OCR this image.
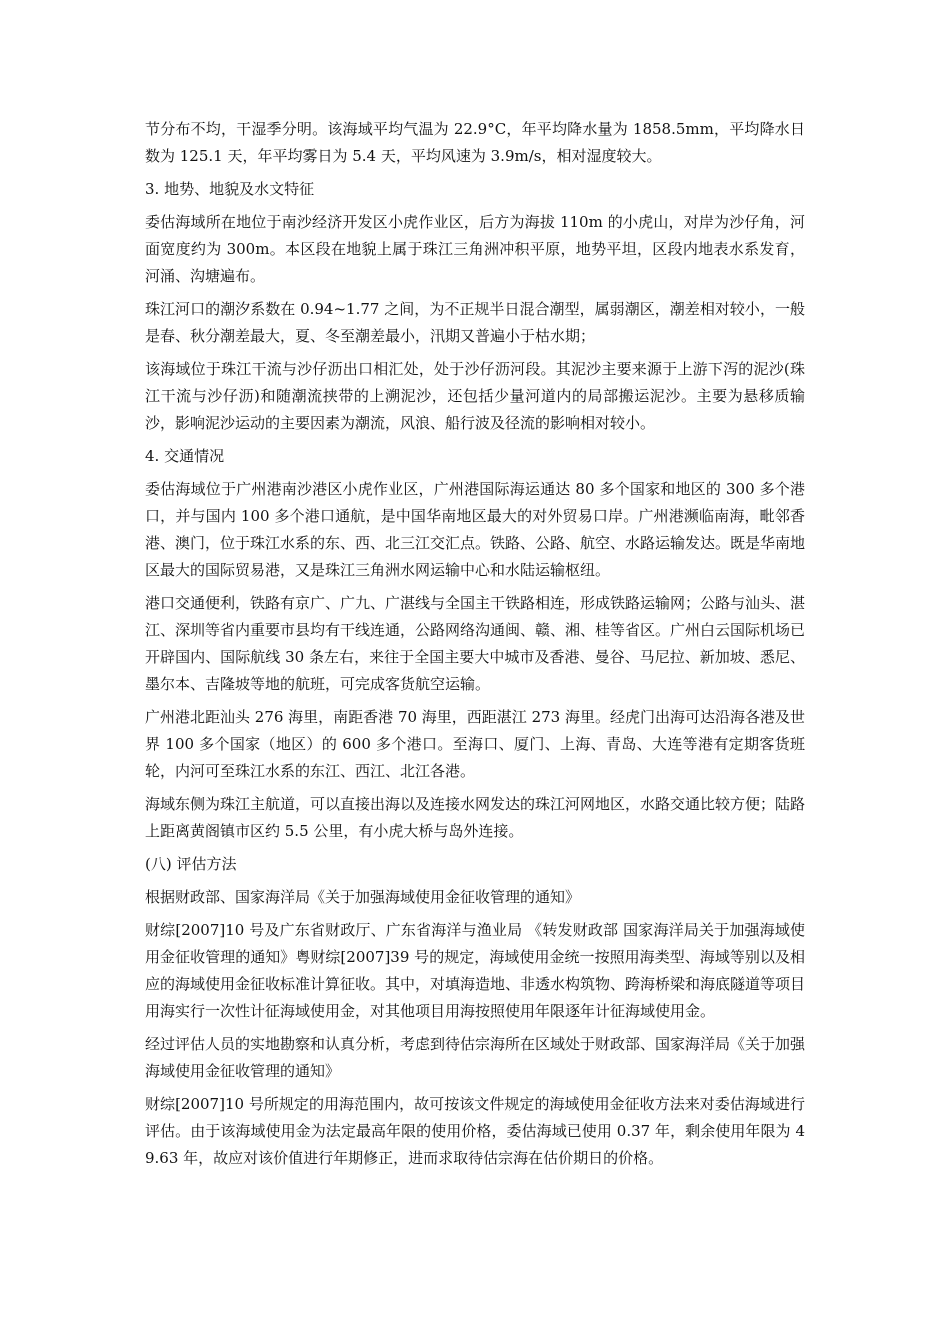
节分布不均，干湿季分明。该海域平均气温为 22.9°C，年平均降水量为 1858.5mm，平均降水日数为 125.1 天，年平均雾日为 5.4 天，平均风速为 3.9m/s，相对湿度较大。

3. 地势、地貌及水文特征

委估海域所在地位于南沙经济开发区小虎作业区，后方为海拔 110m 的小虎山，对岸为沙仔角，河面宽度约为 300m。本区段在地貌上属于珠江三角洲冲积平原，地势平坦，区段内地表水系发育，河涌、沟塘遍布。

珠江河口的潮汐系数在 0.94~1.77 之间，为不正规半日混合潮型，属弱潮区，潮差相对较小，一般是春、秋分潮差最大，夏、冬至潮差最小，汛期又普遍小于枯水期；

该海域位于珠江干流与沙仔沥出口相汇处，处于沙仔沥河段。其泥沙主要来源于上游下泻的泥沙(珠江干流与沙仔沥)和随潮流挟带的上溯泥沙，还包括少量河道内的局部搬运泥沙。主要为悬移质输沙，影响泥沙运动的主要因素为潮流，风浪、船行波及径流的影响相对较小。

4. 交通情况

委估海域位于广州港南沙港区小虎作业区，广州港国际海运通达 80 多个国家和地区的 300 多个港口，并与国内 100 多个港口通航，是中国华南地区最大的对外贸易口岸。广州港濒临南海，毗邻香港、澳门，位于珠江水系的东、西、北三江交汇点。铁路、公路、航空、水路运输发达。既是华南地区最大的国际贸易港，又是珠江三角洲水网运输中心和水陆运输枢纽。

港口交通便利，铁路有京广、广九、广湛线与全国主干铁路相连，形成铁路运输网；公路与汕头、湛江、深圳等省内重要市县均有干线连通，公路网络沟通闽、赣、湘、桂等省区。广州白云国际机场已开辟国内、国际航线 30 条左右，来往于全国主要大中城市及香港、曼谷、马尼拉、新加坡、悉尼、墨尔本、吉隆坡等地的航班，可完成客货航空运输。

广州港北距汕头 276 海里，南距香港 70 海里，西距湛江 273 海里。经虎门出海可达沿海各港及世界 100 多个国家（地区）的 600 多个港口。至海口、厦门、上海、青岛、大连等港有定期客货班轮，内河可至珠江水系的东江、西江、北江各港。

海域东侧为珠江主航道，可以直接出海以及连接水网发达的珠江河网地区，水路交通比较方便；陆路上距离黄阁镇市区约 5.5 公里，有小虎大桥与岛外连接。

(八) 评估方法

根据财政部、国家海洋局《关于加强海域使用金征收管理的通知》

财综[2007]10 号及广东省财政厅、广东省海洋与渔业局 《转发财政部 国家海洋局关于加强海域使用金征收管理的通知》粤财综[2007]39 号的规定，海域使用金统一按照用海类型、海域等别以及相应的海域使用金征收标准计算征收。其中，对填海造地、非透水构筑物、跨海桥梁和海底隧道等项目用海实行一次性计征海域使用金，对其他项目用海按照使用年限逐年计征海域使用金。

经过评估人员的实地勘察和认真分析，考虑到待估宗海所在区域处于财政部、国家海洋局《关于加强海域使用金征收管理的通知》

财综[2007]10 号所规定的用海范围内，故可按该文件规定的海域使用金征收方法来对委估海域进行评估。由于该海域使用金为法定最高年限的使用价格，委估海域已使用 0.37 年，剩余使用年限为 49.63 年，故应对该价值进行年期修正，进而求取待估宗海在估价期日的价格。
